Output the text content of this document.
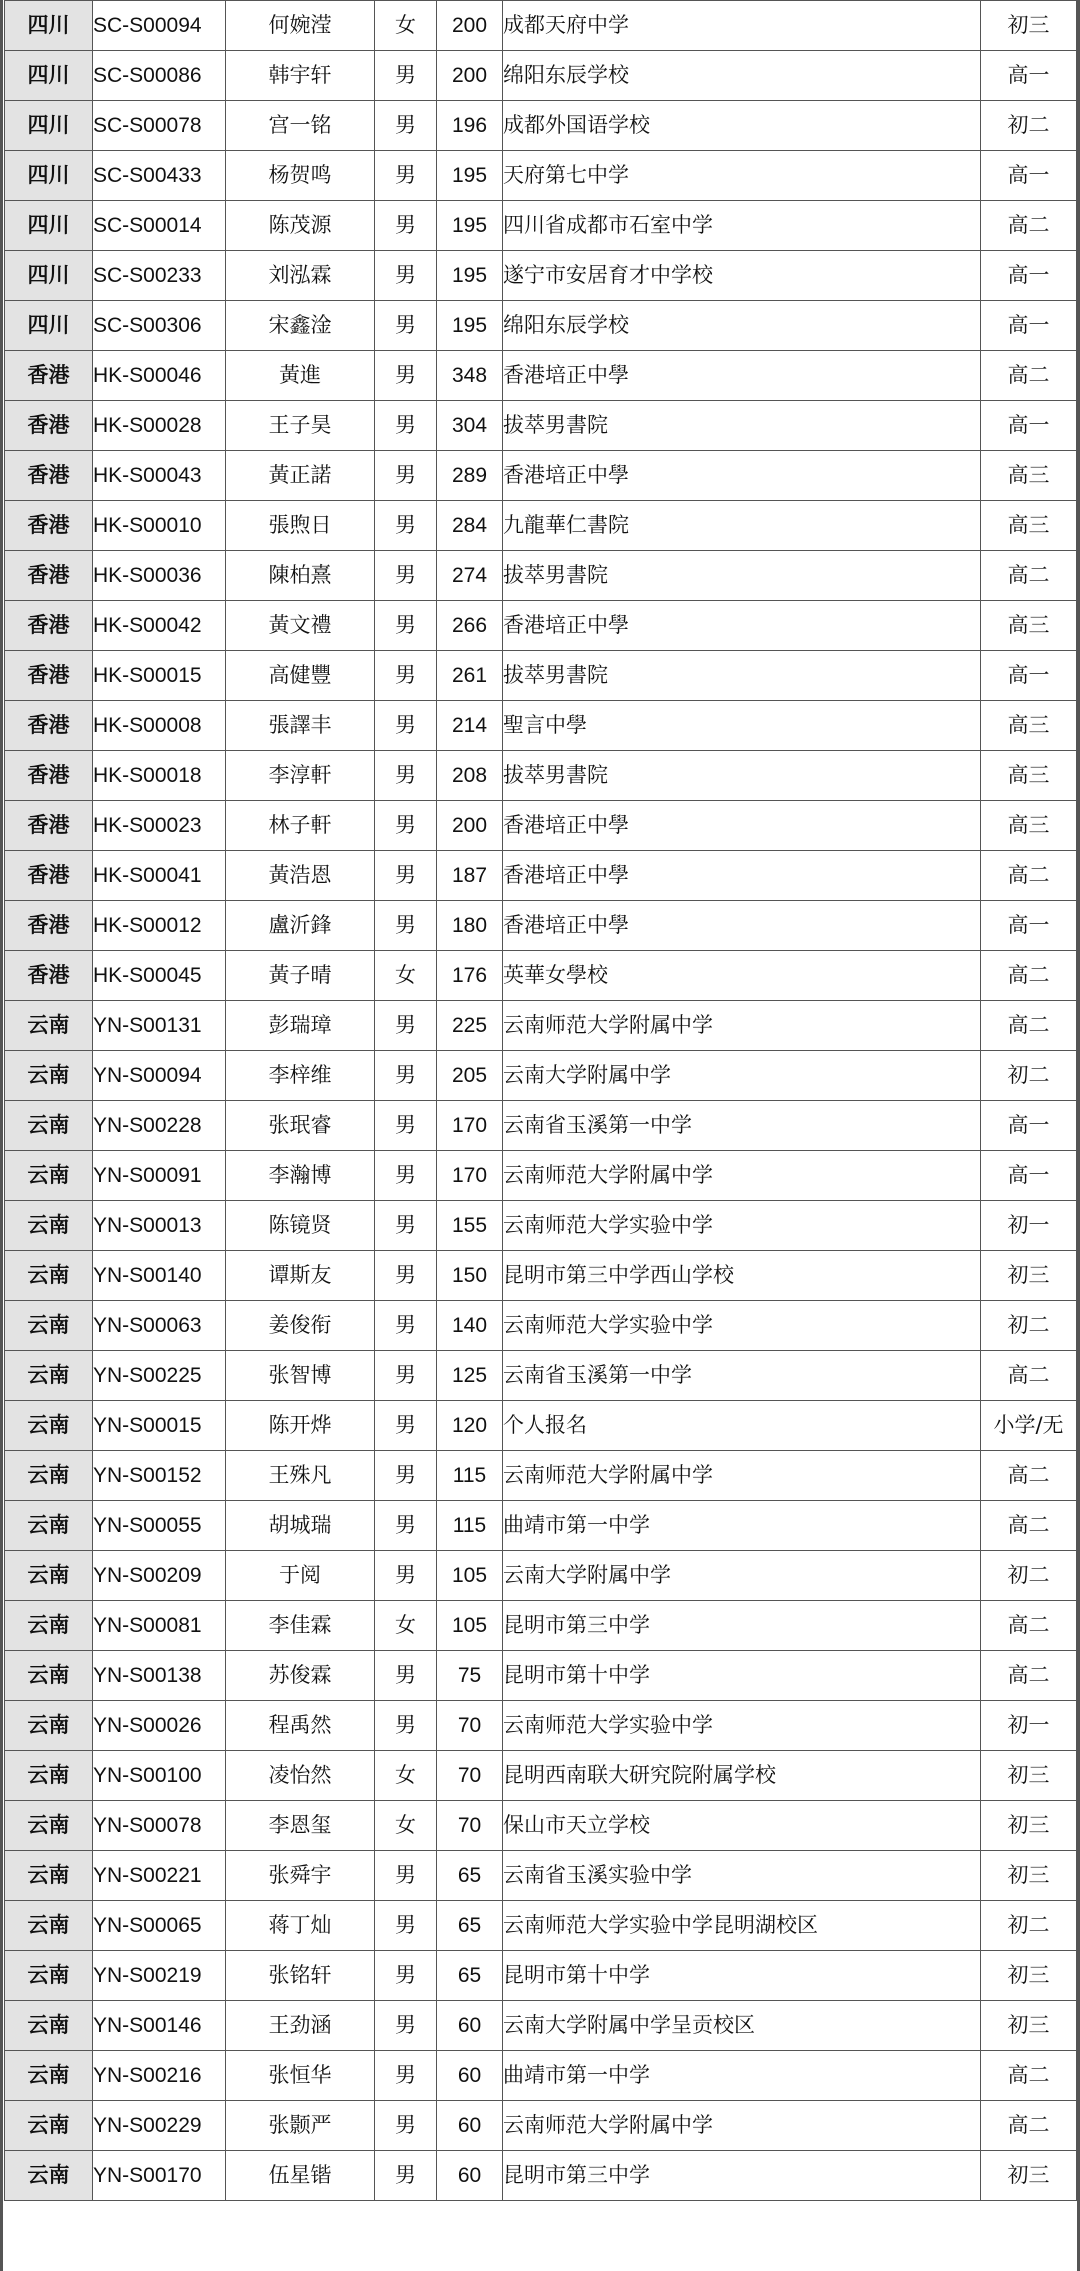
四川	SC-S00094	何婉滢	女	200	成都天府中学	初三
四川	SC-S00086	韩宇轩	男	200	绵阳东辰学校	高一
四川	SC-S00078	宫一铭	男	196	成都外国语学校	初二
四川	SC-S00433	杨贺鸣	男	195	天府第七中学	高一
四川	SC-S00014	陈茂源	男	195	四川省成都市石室中学	高二
四川	SC-S00233	刘泓霖	男	195	遂宁市安居育才中学校	高一
四川	SC-S00306	宋鑫淦	男	195	绵阳东辰学校	高一
香港	HK-S00046	黃進	男	348	香港培正中學	高二
香港	HK-S00028	王子昊	男	304	拔萃男書院	高一
香港	HK-S00043	黃正諾	男	289	香港培正中學	高三
香港	HK-S00010	張煦日	男	284	九龍華仁書院	高三
香港	HK-S00036	陳柏熹	男	274	拔萃男書院	高二
香港	HK-S00042	黃文禮	男	266	香港培正中學	高三
香港	HK-S00015	高健豐	男	261	拔萃男書院	高一
香港	HK-S00008	張譯丰	男	214	聖言中學	高三
香港	HK-S00018	李淳軒	男	208	拔萃男書院	高三
香港	HK-S00023	林子軒	男	200	香港培正中學	高三
香港	HK-S00041	黃浩恩	男	187	香港培正中學	高二
香港	HK-S00012	盧沂鋒	男	180	香港培正中學	高一
香港	HK-S00045	黃子晴	女	176	英華女學校	高二
云南	YN-S00131	彭瑞璋	男	225	云南师范大学附属中学	高二
云南	YN-S00094	李梓维	男	205	云南大学附属中学	初二
云南	YN-S00228	张珉睿	男	170	云南省玉溪第一中学	高一
云南	YN-S00091	李瀚博	男	170	云南师范大学附属中学	高一
云南	YN-S00013	陈镜贤	男	155	云南师范大学实验中学	初一
云南	YN-S00140	谭斯友	男	150	昆明市第三中学西山学校	初三
云南	YN-S00063	姜俊衔	男	140	云南师范大学实验中学	初二
云南	YN-S00225	张智博	男	125	云南省玉溪第一中学	高二
云南	YN-S00015	陈开烨	男	120	个人报名	小学/无
云南	YN-S00152	王殊凡	男	115	云南师范大学附属中学	高二
云南	YN-S00055	胡城瑞	男	115	曲靖市第一中学	高二
云南	YN-S00209	于阅	男	105	云南大学附属中学	初二
云南	YN-S00081	李佳霖	女	105	昆明市第三中学	高二
云南	YN-S00138	苏俊霖	男	75	昆明市第十中学	高二
云南	YN-S00026	程禹然	男	70	云南师范大学实验中学	初一
云南	YN-S00100	凌怡然	女	70	昆明西南联大研究院附属学校	初三
云南	YN-S00078	李恩玺	女	70	保山市天立学校	初三
云南	YN-S00221	张舜宇	男	65	云南省玉溪实验中学	初三
云南	YN-S00065	蒋丁灿	男	65	云南师范大学实验中学昆明湖校区	初二
云南	YN-S00219	张铭轩	男	65	昆明市第十中学	初三
云南	YN-S00146	王劲涵	男	60	云南大学附属中学呈贡校区	初三
云南	YN-S00216	张恒华	男	60	曲靖市第一中学	高二
云南	YN-S00229	张颢严	男	60	云南师范大学附属中学	高二
云南	YN-S00170	伍星锴	男	60	昆明市第三中学	初三
